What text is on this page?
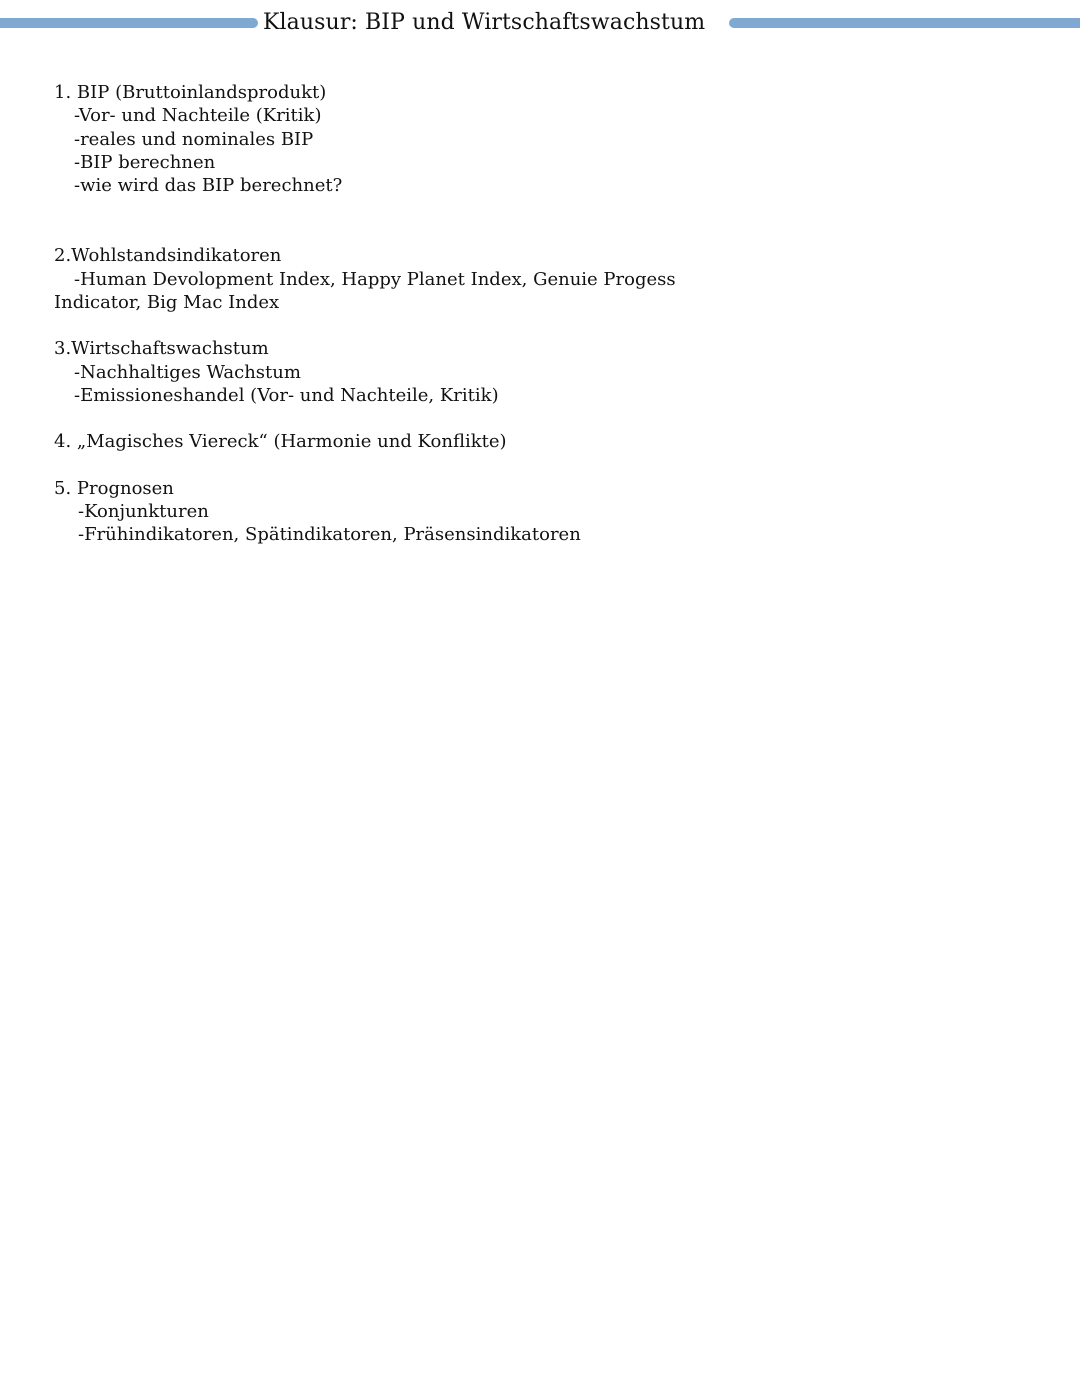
Klausur: BIP und Wirtschaftswachstum
1. BIP (Bruttoinlandsprodukt)
-Vor- und Nachteile (Kritik)
-reales und nominales BIP
-BIP berechnen
-wie wird das BIP berechnet?
2.Wohlstandsindikatoren
-Human Devolopment Index, Happy Planet Index, Genuie Progess
Indicator, Big Mac Index
3.Wirtschaftswachstum
-Nachhaltiges Wachstum
-Emissioneshandel (Vor- und Nachteile, Kritik)
4. „Magisches Viereck“ (Harmonie und Konflikte)
5. Prognosen
-Konjunkturen
-Frühindikatoren, Spätindikatoren, Präsensindikatoren
